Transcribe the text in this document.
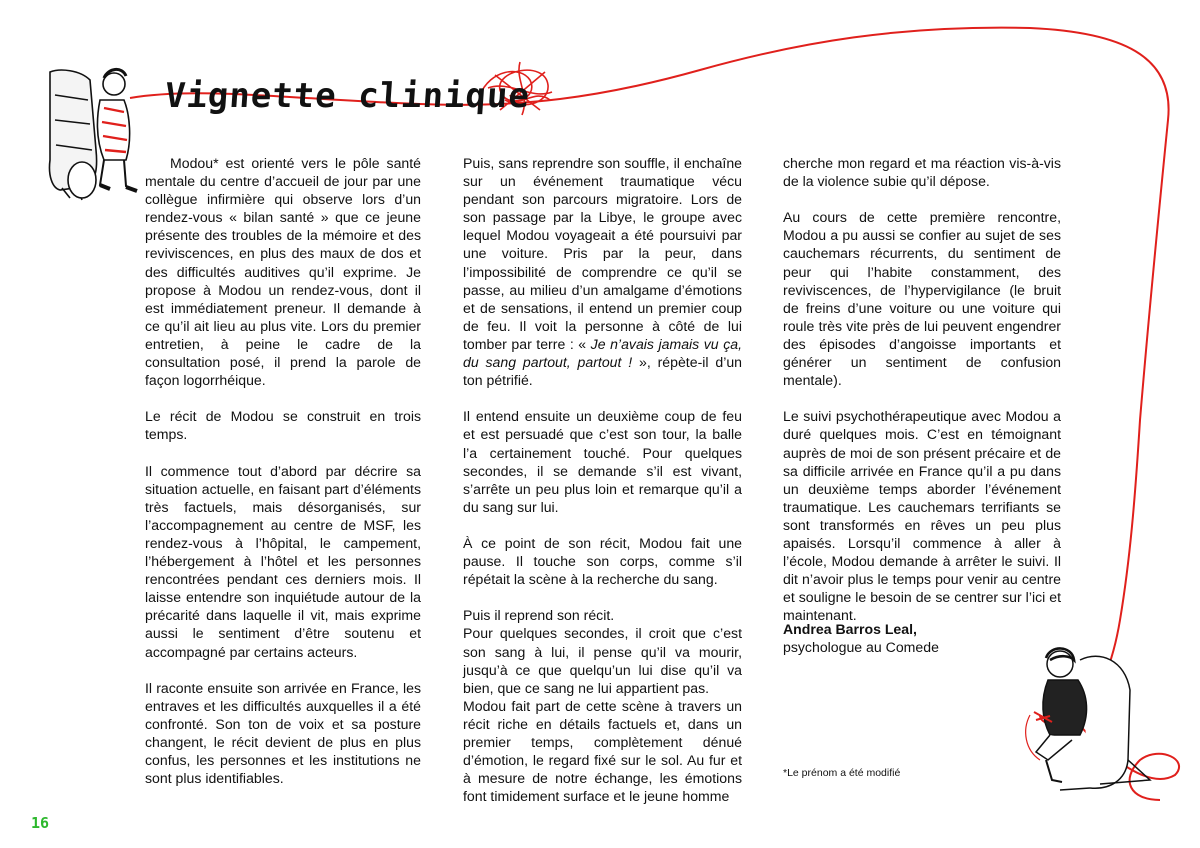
Vignette clinique

Modou* est orienté vers le pôle santé mentale du centre d’accueil de jour par une collègue infirmière qui observe lors d’un rendez-vous « bilan santé » que ce jeune présente des troubles de la mémoire et des reviviscences, en plus des maux de dos et des difficultés auditives qu’il exprime. Je propose à Modou un rendez-vous, dont il est immédiatement preneur. Il demande à ce qu’il ait lieu au plus vite. Lors du premier entretien, à peine le cadre de la consultation posé, il prend la parole de façon logorrhéique.

Le récit de Modou se construit en trois temps.

Il commence tout d’abord par décrire sa situation actuelle, en faisant part d’éléments très factuels, mais désorganisés, sur l’accompagnement au centre de MSF, les rendez-vous à l’hôpital, le campement, l’hébergement à l’hôtel et les personnes rencontrées pendant ces derniers mois. Il laisse entendre son inquiétude autour de la précarité dans laquelle il vit, mais exprime aussi le sentiment d’être soutenu et accompagné par certains acteurs.

Il raconte ensuite son arrivée en France, les entraves et les difficultés auxquelles il a été confronté. Son ton de voix et sa posture changent, le récit devient de plus en plus confus, les personnes et les institutions ne sont plus identifiables.

Puis, sans reprendre son souffle, il enchaîne sur un événement traumatique vécu pendant son parcours migratoire. Lors de son passage par la Libye, le groupe avec lequel Modou voyageait a été poursuivi par une voiture. Pris par la peur, dans l’impossibilité de comprendre ce qu’il se passe, au milieu d’un amalgame d’émotions et de sensations, il entend un premier coup de feu. Il voit la personne à côté de lui tomber par terre : « Je n’avais jamais vu ça, du sang partout, partout ! », répète-il d’un ton pétrifié.

Il entend ensuite un deuxième coup de feu et est persuadé que c’est son tour, la balle l’a certainement touché. Pour quelques secondes, il se demande s’il est vivant, s’arrête un peu plus loin et remarque qu’il a du sang sur lui.

À ce point de son récit, Modou fait une pause. Il touche son corps, comme s’il répétait la scène à la recherche du sang.

Puis il reprend son récit.

Pour quelques secondes, il croit que c’est son sang à lui, il pense qu’il va mourir, jusqu’à ce que quelqu’un lui dise qu’il va bien, que ce sang ne lui appartient pas.

Modou fait part de cette scène à travers un récit riche en détails factuels et, dans un premier temps, complètement dénué d’émotion, le regard fixé sur le sol. Au fur et à mesure de notre échange, les émotions font timidement surface et le jeune homme

cherche mon regard et ma réaction vis-à-vis de la violence subie qu’il dépose.

Au cours de cette première rencontre, Modou a pu aussi se confier au sujet de ses cauchemars récurrents, du sentiment de peur qui l’habite constamment, des reviviscences, de l’hypervigilance (le bruit de freins d’une voiture ou une voiture qui roule très vite près de lui peuvent engendrer des épisodes d’angoisse importants et générer un sentiment de confusion mentale).

Le suivi psychothérapeutique avec Modou a duré quelques mois. C’est en témoignant auprès de moi de son présent précaire et de sa difficile arrivée en France qu’il a pu dans un deuxième temps aborder l’événement traumatique. Les cauchemars terrifiants se sont transformés en rêves un peu plus apaisés. Lorsqu’il commence à aller à l’école, Modou demande à arrêter le suivi. Il dit n’avoir plus le temps pour venir au centre et souligne le besoin de se centrer sur l’ici et maintenant.

Andrea Barros Leal,
psychologue au Comede
*Le prénom a été modifié
16
